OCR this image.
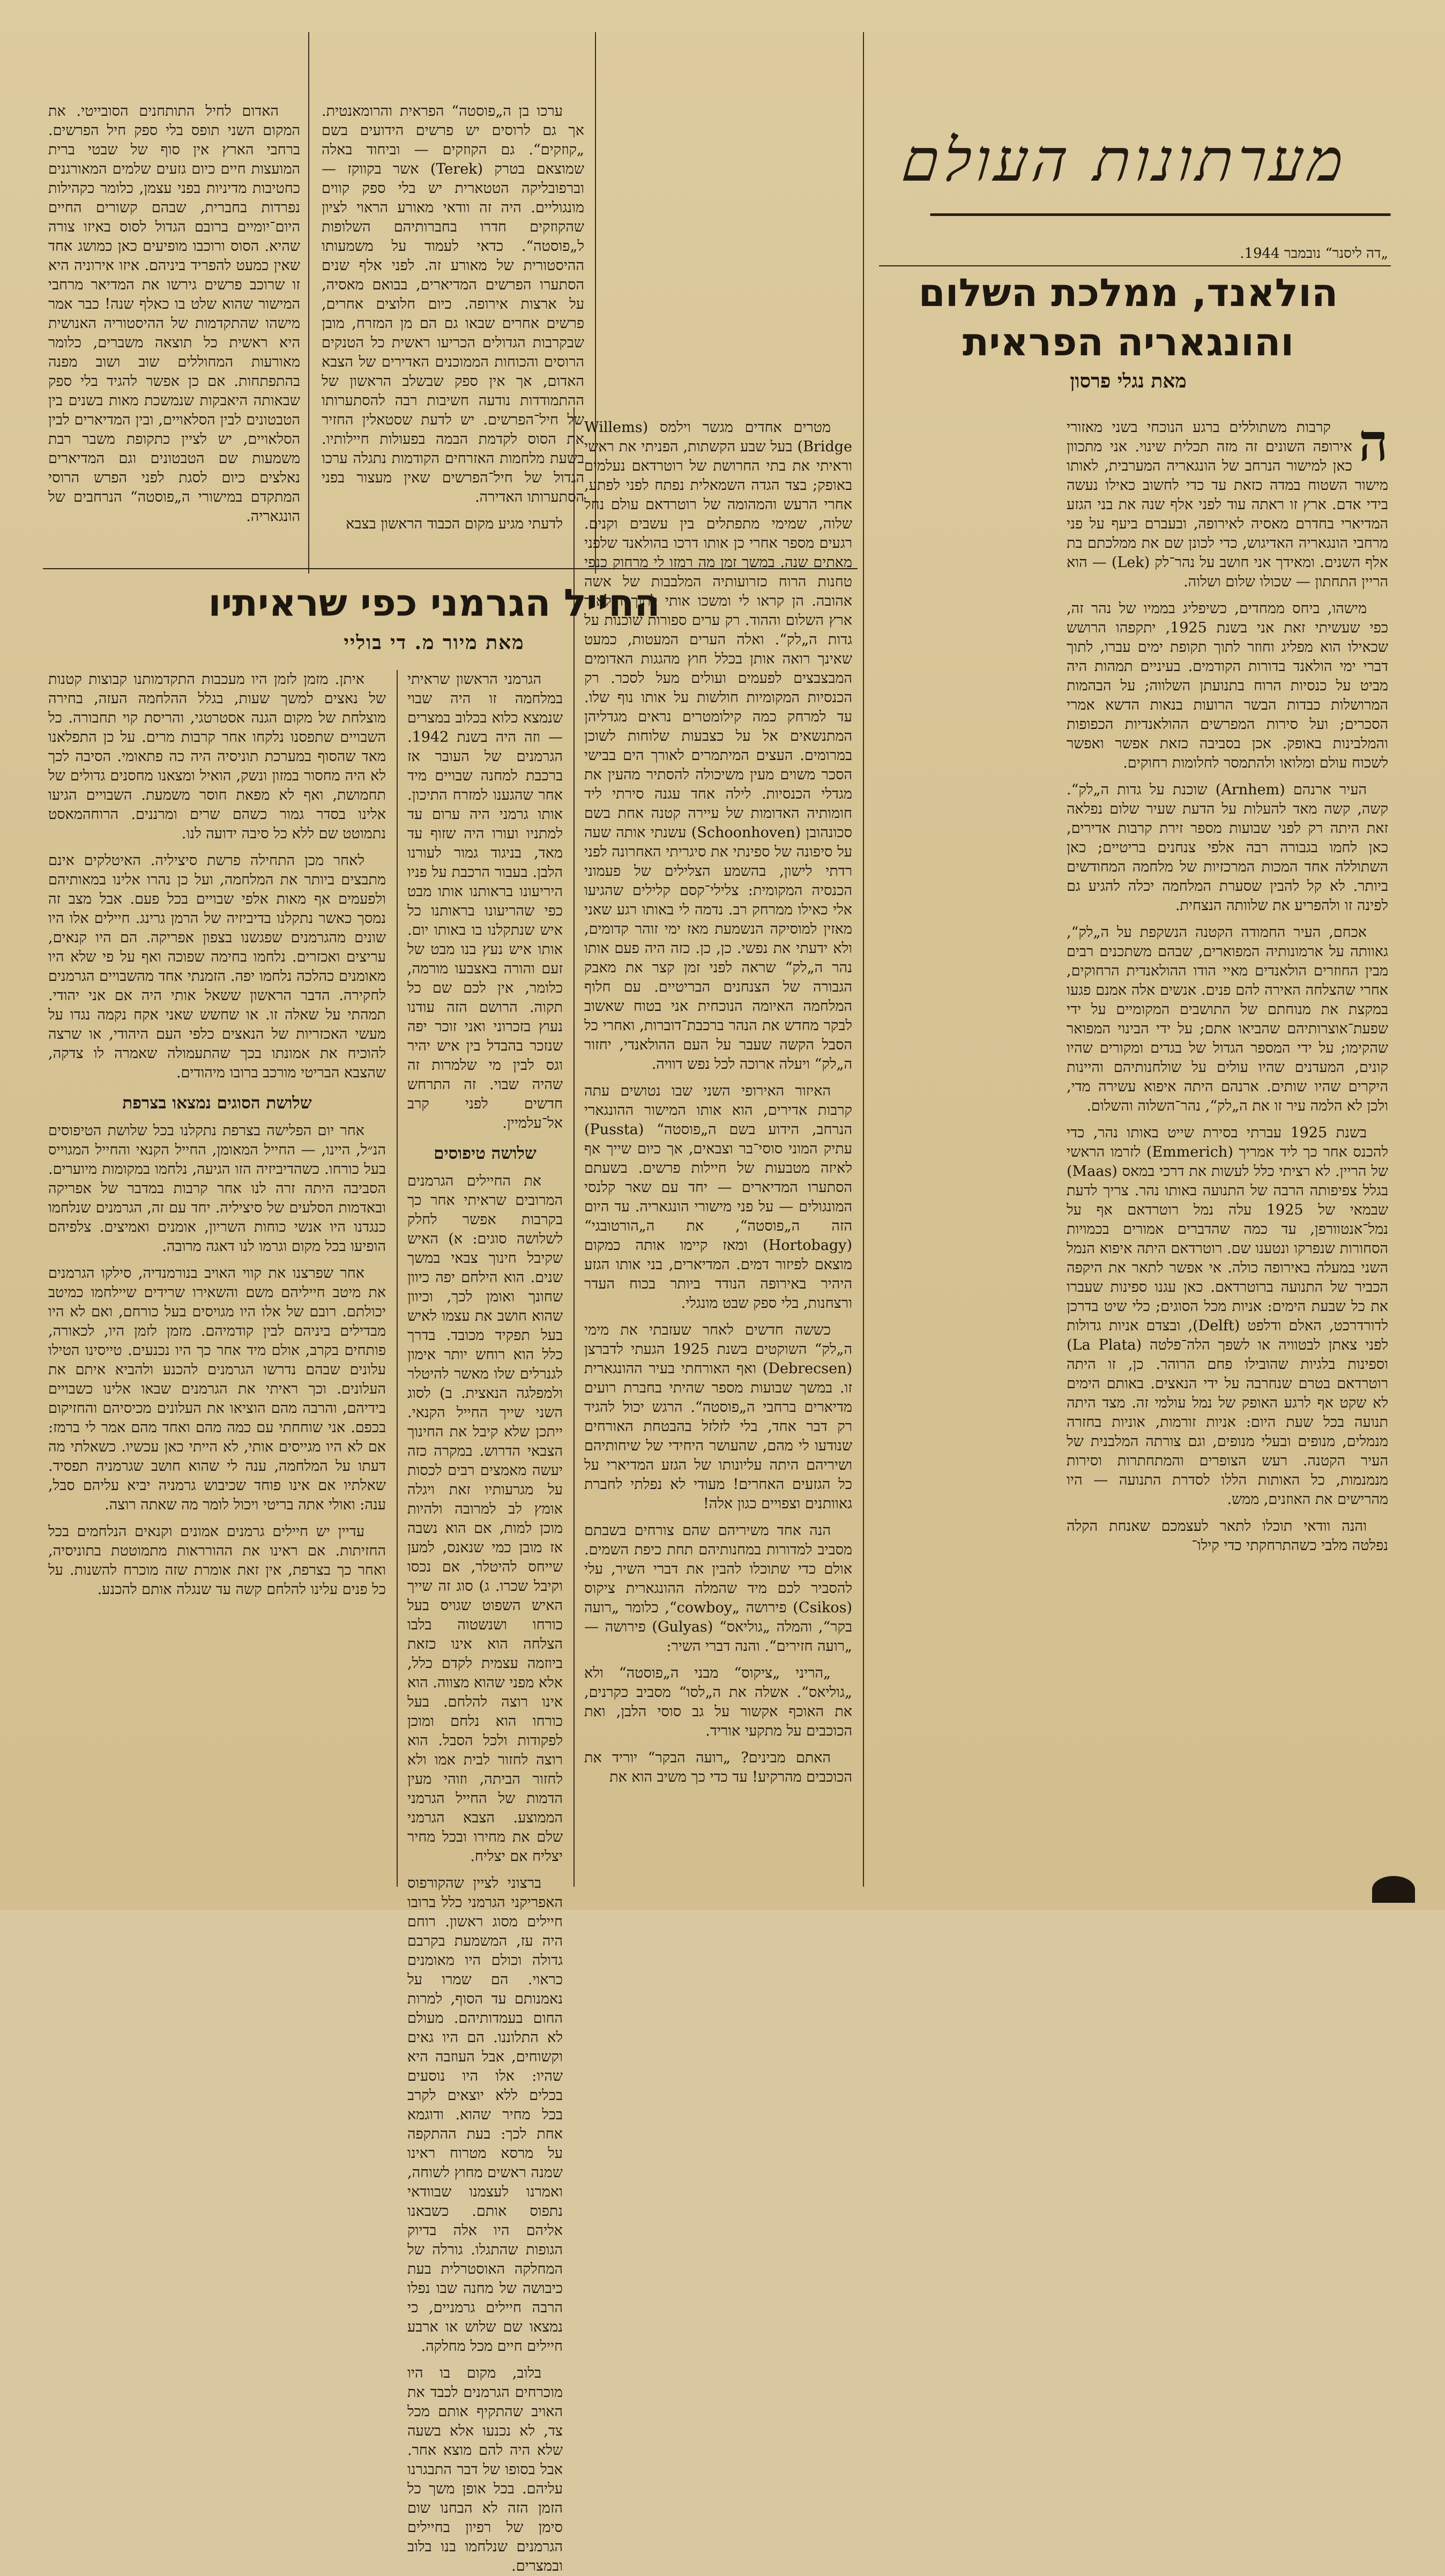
מערתונות העולם
„דה ליסנר“ נובמבר 1944.
הולאנד, ממלכת השלום והונגאריה הפראית
מאת נגלי פרסון
ה

קרבות משתוללים ברגע הנוכחי בשני מאזורי אירופה השונים זה מזה תכלית שינוי. אני מתכוון כאן למישור הנרחב של הונגאריה המערבית, לאותו מישור השטוח במדה כזאת עד כדי לחשוב כאילו נעשה בידי אדם. ארץ זו ראתה עוד לפני אלף שנה את בני הגזע המדיארי בחדרם מאסיה לאירופה, ובעברם ביעף על פני מרחבי הונגאריה האדיגוש, כדי לכונן שם את ממלכתם בת אלף השנים. ומאידך אני חושב על נהר־לק (Lek) — הוא הריין התחתון — שכולו שלום ושלוה.

מישהו, ביחס ממחדים, כשיפליג בממיו של נהר זה, כפי שעשיתי זאת אני בשנת 1925, יתקפהו הרושש שכאילו הוא מפליג וחוזר לתוך תקופת ימים עברו, לתוך דברי ימי הולאנד בדורות הקודמים. בעיניים תמהות היה מביט על כנסיות הרוח בתנועתן השלווה; על הבהמות המרושלות כבדות הבשר הרועות בנאות הדשא אמרי הסכרים; ועל סירות המפרשים ההולאנדיות הכפופות והמלבינות באופק. אכן בסביבה כזאת אפשר ואפשר לשכוח עולם ומלואו ולהתמסר לחלומות רחוקים.

העיר ארנהם (Arnhem) שוכנת על גדות ה„לק“. קשה, קשה מאד להעלות על הדעת שעיר שלום נפלאה זאת היתה רק לפני שבועות מספר זירת קרבות אדירים, כאן לחמו בגבורה רבה אלפי צנחנים בריטיים; כאן השתוללה אחד המכות המרכזיות של מלחמה המחודשים ביותר. לא קל להבין שסערת המלחמה יכלה להגיע גם לפינה זו ולהפריע את שלוותה הנצחית.

אכחם, העיר החמודה הקטנה הנשקפת על ה„לק“, גאוותה על ארמונותיה המפוארים, שבהם משתכנים רבים מבין החוזרים הולאנדים מאיי הודו ההולאנדית הרחוקים, אחרי שהצלחה האירה להם פנים. אנשים אלה אמנם פגעו במקצת את מנוחתם של התושבים המקומיים על ידי שפעת־אוצרותיהם שהביאו אתם; על ידי הבינוי המפואר שהקימו; על ידי המספר הגדול של בגדים ומקורים שהיו קונים, המעדנים שהיו עולים על שולחנותיהם והיינות היקרים שהיו שותים. ארנהם היתה איפוא עשירה מדי, ולכן לא הלמה עיר זו את ה„לק“, נהר־השלוה והשלום.

בשנת 1925 עברתי בסירת שייט באותו נהר, כדי להכנס אחר כך ליד אמריך (Emmerich) לזרמו הראשי של הריין. לא רציתי כלל לעשות את דרכי במאס (Maas) בגלל צפיפותה הרבה של התנועה באותו נהר. צריך לדעת שבמאי של 1925 עלה נמל רוטרדאם אף על נמל־אנטוורפן, עד כמה שהדברים אמורים בכמויות הסחורות שנפרקו ונטענו שם. רוטרדאם היתה איפוא הנמל השני במעלה באירופה כולה. אי אפשר לתאר את היקפה הכביר של התנועה ברוטרדאם. כאן עגנו ספינות שעברו את כל שבעת הימים: אניות מכל הסוגים; כלי שיט בדרכן לדורדרכט, האלם ודלפט (Delft), ובצדם אניות גדולות לפני צאתן לבטוויה או לשפך הלה־פלטה (La Plata) וספינות בלגיות שהובילו פחם הרוהר. כן, זו היתה רוטרדאם בטרם שנחרבה על ידי הנאצים. באותם הימים לא שקט אף לרגע האופק של נמל עולמי זה. מצד היתה תנועה בכל שעת היום: אניות זורמות, אוניות בחזרה מנמלים, מנופים ובעלי מנופים, וגם צורתה המלבנית של העיר הקטנה. רעש הצופרים והמתחתרות וסירות מנמנמות, כל האותות הללו לסדרת התנועה — היו מהרישים את האוזנים, ממש.

והנה וודאי תוכלו לתאר לעצמכם שאנחת הקלה נפלטה מלבי כשהתרחקתי כדי קילו־

מטרים אחדים מגשר וילמס (Willems Bridge) בעל שבע הקשתות, הפניתי את ראשי וראיתי את בתי החרושת של רוטרדאם נעלמים באופק; בצד הגדה השמאלית נפתח לפני לפתע, אחרי הרעש והמהומה של רוטרדאם עולם נחל שלוה, שמימי מתפתלים בין עשבים וקנים. רגעים מספר אחרי כן אותו דרכו בהולאנד שלפני מאתים שנה. במשך זמן מה רמזו לי מרחוק כנפי טחנות הרוח כזרועותיה המלבבות של אשה אהובה. הן קראו לי ומשכו אותי לתוך הולאנד ארץ השלום וההוד. רק ערים ספורות שוכנות על גדות ה„לק“. ואלה הערים המעטות, כמעט שאינך רואה אותן בכלל חוץ מהגגות האדומים המבצבצים לפעמים ועולים מעל לסכר. רק הכנסיות המקומיות חולשות על אותו נוף שלו. עד למרחק כמה קילומטרים נראים מגדליהן המתנשאים אל על כצבעות שלוחות לשוכן במרומים. העצים המיתמרים לאורך הים בבישי הסכר משוים מעין משיכולה להסתיר מהעין את מגדלי הכנסיות. לילה אחד עגנה סירתי ליד חומותיה האדומות של עיירה קטנה אחת בשם סכונהובן (Schoonhoven) עשנתי אותה שעה על סיפונה של ספינתי את סיגריתי האחרונה לפני רדתי לישון, בהשמע הצלילים של פעמוני הכנסיה המקומית: צלילי־קסם קלילים שהגיעו אלי כאילו ממרחק רב. נדמה לי באותו רגע שאני מאזין למוסיקה הנשמעת מאז ימי זוהר קדומים, ולא ידעתי את נפשי. כן, כן. כזה היה פעם אותו נהר ה„לק“ שראה לפני זמן קצר את מאבק הגבורה של הצנחנים הבריטיים. עם חלוף המלחמה האיומה הנוכחית אני בטוח שאשוב לבקר מחדש את הנהר ברכבת־דוברות, ואחרי כל הסבל הקשה שעבר על העם ההולאנדי, יחזור ה„לק“ ויעלה ארוכה לכל נפש דוויה.

האיזור האירופי השני שבו נטושים עתה קרבות אדירים, הוא אותו המישור ההונגארי הנרחב, הידוע בשם ה„פוסטה“ (Pussta) עתיק המוני סוסי־בר וצבאים, אך כיום שייך אף לאיזה מטבעות של חיילות פרשים. בשעתם הסתערו המדיארים — יחד עם שאר קלנסי המונגולים — על פני מישורי הונגאריה. עד היום הזה ה„פוסטה“, את ה„הורטובגי“ (Hortobagy) ומאז קיימו אותה כמקום מוצאם לפיזור דמים. המדיארים, בני אותו הגזע היהיר באירופה הנודד ביותר בכוח העדר ורצחנות, בלי ספק שבט מונגלי.

כששה חדשים לאחר שעזבתי את מימי ה„לק“ השוקטים בשנת 1925 הגעתי לדברצן (Debrecsen) ואף האורחתי בעיר ההונגארית זו. במשך שבועות מספר שהיתי בחברת רועים מדיארים ברחבי ה„פוסטה“. הרגש יכול להגיד רק דבר אחד, בלי לזלזל בהבטחת האורחים שנודעו לי מהם, שהעושר היחידי של שיחותיהם ושיריהם היתה עליונותו של הגזע המדיארי על כל הגזעים האחרים! מעודי לא נפלתי לחברת גאוותנים וצפויים כגון אלה!

הנה אחד משיריהם שהם צורחים בשבתם מסביב למדורות במחנותיהם תחת כיפת השמים. אולם כדי שתוכלו להבין את דברי השיר, עלי להסביר לכם מיד שהמלה ההונגארית ציקוס (Csikos) פירושה „cowboy“, כלומר „רועה בקר“, והמלה „גוליאס“ (Gulyas) פירושה — „רועה חזירים“. והנה דברי השיר:

„הריני „ציקוס“ מבני ה„פוסטה“ ולא „גוליאס“. אשלה את ה„לסו“ מסביב כקרנים, את האוכף אקשור על גב סוסי הלבן, ואת הכוכבים על מתקעי אוריד.

האתם מבינים? „רועה הבקר“ יוריד את הכוכבים מהרקיע! עד כדי כך משיב הוא את

ערכו בן ה„פוסטה“ הפראית והרומאנטית. אך גם לרוסים יש פרשים הידועים בשם „קוזקים“. גם הקוזקים — וביחוד באלה שמוצאם בטרק (Terek) אשר בקווקז — וברפובליקה הטטארית יש בלי ספק קווים מונגוליים. היה זה וודאי מאורע הראוי לציון שהקוזקים חדרו בחברותיהם השלופות ל„פוסטה“. כדאי לעמוד על משמעותו ההיסטורית של מאורע זה. לפני אלף שנים הסתערו הפרשים המדיארים, בבואם מאסיה, על ארצות אירופה. כיום חלוצים אחרים, פרשים אחרים שבאו גם הם מן המזרח, מובן שבקרבות הגדולים הכריעו ראשית כל הטנקים הרוסים והכוחות הממוכנים האדירים של הצבא האדום, אך אין ספק שבשלב הראשון של ההתמודדות נודעה חשיבות רבה להסתערותו של חיל־הפרשים. יש לדעת שסטאלין החזיר את הסוס לקדמת הבמה בפעולות חיילותיו. בשעת מלחמות האזרחים הקודמות נתגלה ערכו הגדול של חיל־הפרשים שאין מעצור בפני הסתערותו האדירה.

לדעתי מגיע מקום הכבוד הראשון בצבא

האדום לחיל התותחנים הסובייטי. את המקום השני תופס בלי ספק חיל הפרשים. ברחבי הארץ אין סוף של שבטי ברית המועצות חיים כיום גזעים שלמים המאורגנים כחטיבות מדיניות בפני עצמן, כלומר כקהילות נפרדות בחברית, שבהם קשורים החיים היום־יומיים ברובם הגדול לסוס באיזו צורה שהיא. הסוס ורוכבו מופיעים כאן כמושג אחד שאין כמעט להפריד ביניהם. איזו אירוניה היא זו שרוכב פרשים גירשו את המדיאר מרחבי המישור שהוא שלט בו כאלף שנה! כבר אמר מישהו שהתקדמות של ההיסטוריה האנושית היא ראשית כל תוצאה משברים, כלומר מאורעות המחוללים שוב ושוב מפנה בהתפתחות. אם כן אפשר להגיד בלי ספק שבאותה היאבקות שנמשכת מאות בשנים בין הטבטונים לבין הסלאויים, ובין המדיארים לבין הסלאויים, יש לציין כתקופת משבר רבת משמעות שם הטבטונים וגם המדיארים נאלצים כיום לסגת לפני הפרש הרוסי המתקדם במישורי ה„פוסטה“ הנרחבים של הונגאריה.

החייל הגרמני כפי שראיתיו
מאת מיור מ. די בוליי

הגרמני הראשון שראיתי במלחמה זו היה שבוי שנמצא כלוא בכלוב במצרים — וזה היה בשנת 1942. הגרמנים של העובר אז ברכבת למחנה שבויים מיד אחר שהגענו למזרח התיכון. אותו גרמני היה ערום עד למתניו ועורו היה שזוף עד מאד, בניגוד גמור לעורנו הלבן. בעבור הרכבת על פניו היריעונו בראותנו אותו מבט כפי שהריעונו בראותנו כל איש שנתקלנו בו באותו יום. אותו איש נעץ בנו מבט של זעם והורה באצבעו מורמה, כלומר, אין לכם שם כל תקוה. הרושם הזה עודנו נעוץ בזכרוני ואני זוכר יפה שנזכר בהבדל בין איש יהיר וגס לבין מי שלמרות זה שהיה שבוי. זה התרחש חדשים לפני קרב אל־עלמיין.

שלושה טיפוסים

את החיילים הגרמנים המרובים שראיתי אחר כך בקרבות אפשר לחלק לשלושה סוגים: א) האיש שקיבל חינוך צבאי במשך שנים. הוא הילחם יפה כיוון שחונך ואומן לכך, וכיוון שהוא חושב את עצמו לאיש בעל תפקיד מכובד. בדרך כלל הוא רוחש יותר אימון לגנרלים שלו מאשר להיטלר ולמפלגה הנאצית. ב) לסוג השני שייך החייל הקנאי. ייתכן שלא קיבל את החינוך הצבאי הדרוש. במקרה כזה יעשה מאמצים רבים לכסות על מגרעותיו זאת ויגלה אומץ לב למרובה ולהיות מוכן למות, אם הוא נשבה אז מובן כמי שנאנס, למען שייחס להיטלר, אם נכסו וקיבל שכרו. ג) סוג זה שייך האיש השפוט שגויס בעל כורחו ושנשטוה בלבו הצלחה הוא אינו כזאת ביוזמה עצמית לקדם כלל, אלא מפני שהוא מצווה. הוא אינו רוצה להלחם. בעל כורחו הוא נלחם ומוכן לפקודות ולכל הסבל. הוא רוצה לחזור לבית אמו ולא לחזור הביתה, וזוהי מעין הדמות של החייל הגרמני הממוצע. הצבא הגרמני שלם את מחירו ובכל מחיר יצליח אם יצליח.

ברצוני לציין שהקורפוס האפריקני הגרמני כלל ברובו חיילים מסוג ראשון. רוחם היה עז, המשמעת בקרבם גדולה וכולם היו מאומנים כראוי. הם שמרו על נאמנותם עד הסוף, למרות החום בעמדותיהם. מעולם לא התלוננו. הם היו גאים וקשוחים, אבל העוזבה היא שהיו: אלו היו נוסעים בכלים ללא יוצאים לקרב בכל מחיר שהוא. ודוגמא אחת לכך: בעת ההתקפה על מרסא מטרוח ראינו שמנה ראשים מחוץ לשוחה, ואמרנו לעצמנו שבוודאי נתפוס אותם. כשבאנו אליהם היו אלה בדיוק הגופות שהתגלו. גורלה של המחלקה האוסטרלית בעת כיבושה של מחנה שבו נפלו הרבה חיילים גרמניים, כי נמצאו שם שלוש או ארבע חיילים חיים מכל מחלקה.

בלוב, מקום בו היו מוכרחים הגרמנים לכבד את האויב שהתקיף אותם מכל צד, לא נכנעו אלא בשעה שלא היה להם מוצא אחר. אבל בסופו של דבר התבגרנו עליהם. בכל אופן משך כל הזמן הזה לא הבחנו שום סימן של רפיון בחיילים הגרמנים שנלחמו בנו בלוב ובמצרים.

איתן. מזמן לזמן היו מעכבות התקדמותנו קבוצות קטנות של נאצים למשך שעות, בגלל ההלחמה העזה, בחירה מוצלחת של מקום הגנה אסטרטגי, והריסת קוי תחבורה. כל השבויים שתפסנו נלקחו אחר קרבות מרים. על כן התפלאנו מאד שהסוף במערכת תוניסיה היה כה פתאומי. הסיבה לכך לא היה מחסור במזון ונשק, הואיל ומצאנו מחסנים גדולים של תחמושת, ואף לא מפאת חוסר משמעת. השבויים הגיעו אלינו בסדר גמור כשהם שרים ומרננים. הרוחהמאסט נתמוטט שם ללא כל סיבה ידועה לנו.

לאחר מכן התחילה פרשת סיציליה. האיטלקים אינם מתבצים ביותר את המלחמה, ועל כן נהרו אלינו במאותיהם ולפעמים אף מאות אלפי שבויים בכל פעם. אבל מצב זה נמסך כאשר נתקלנו בדיביזיה של הרמן גרינג. חיילים אלו היו שונים מהגרמנים שפגשנו בצפון אפריקה. הם היו קנאים, עריצים ואכזרים. נלחמו בחימה שפוכה ואף על פי שלא היו מאומנים כהלכה נלחמו יפה. הזמנתי אחד מהשבויים הגרמנים לחקירה. הדבר הראשון ששאל אותי היה אם אני יהודי. תמהתי על שאלה זו. או שחשש שאני אקח נקמה נגדו על מעשי האכזריות של הנאצים כלפי העם היהודי, או שרצה להוכיח את אמונתו בכך שהתעמולה שאמרה לו צדקה, שהצבא הבריטי מורכב ברובו מיהודים.

שלושת הסוגים נמצאו בצרפת

אחר יום הפלישה בצרפת נתקלנו בכל שלושת הטיפוסים הנ״ל, היינו, — החייל המאומן, החייל הקנאי והחייל המגוייס בעל כורחו. כשהדיביזיה הזו הגיעה, נלחמו במקומות מיוערים. הסביבה היתה זרה לנו אחר קרבות במדבר של אפריקה ובאדמות הסלעים של סיציליה. יחד עם זה, הגרמנים שנלחמו כנגדנו היו אנשי כוחות השריון, אומנים ואמיצים. צלפיהם הופיעו בכל מקום וגרמו לנו דאגה מרובה.

אחר שפרצנו את קווי האויב בנורמנדיה, סילקו הגרמנים את מיטב חייליהם משם והשאירו שרידים שיילחמו כמיטב יכולתם. רובם של אלו היו מגויסים בעל כורחם, ואם לא היו מבדילים ביניהם לבין קודמיהם. מזמן לזמן היו, לכאורה, פותחים בקרב, אולם מיד אחר כך היו נכנעים. טייסינו הטילו עלונים שבהם נדרשו הגרמנים להכנע ולהביא איתם את העלונים. וכך ראיתי את הגרמנים שבאו אלינו כשבויים בידיהם, והרבה מהם הוציאו את העלונים מכיסיהם והחזיקום בכפם. אני שוחחתי עם כמה מהם ואחד מהם אמר לי ברמז: אם לא היו מגייסים אותי, לא הייתי כאן עכשיו. כשאלתי מה דעתו על המלחמה, ענה לי שהוא חושב שגרמניה תפסיד. שאלתיו אם אינו פוחד שכיבוש גרמניה יביא עליהם סבל, ענה: ואולי אתה בריטי ויכול לומר מה שאתה רוצה.

עדיין יש חיילים גרמנים אמונים וקנאים הנלחמים בכל החזיתות. אם ראינו את ההורראות מתמוטטת בתוניסיה, ואחר כך בצרפת, אין זאת אומרת שזה מוכרח להשנות. על כל פנים עלינו להלחם קשה עד שנגלה אותם להכנע.
